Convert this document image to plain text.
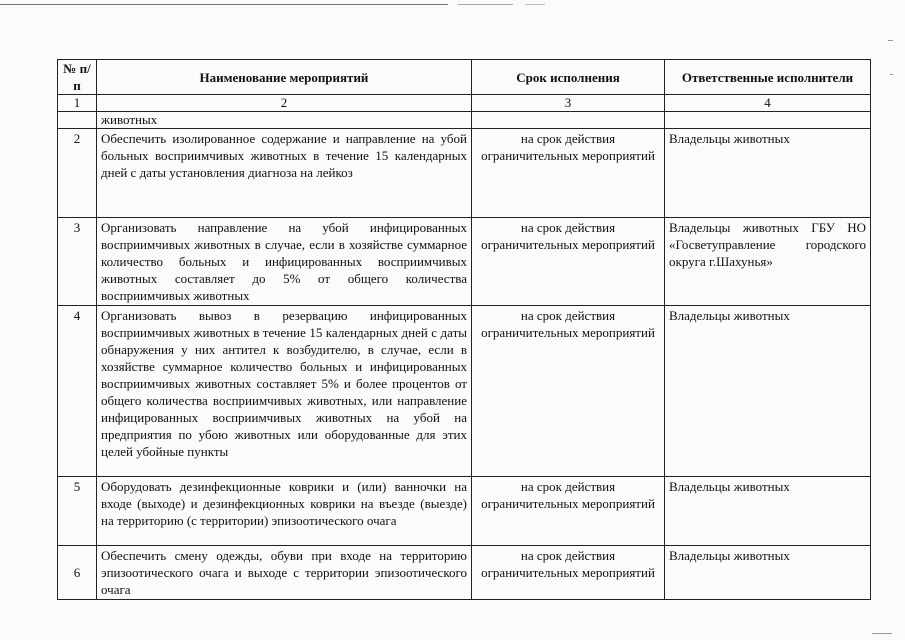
№ п/п	Наименование мероприятий	Срок исполнения	Ответственные исполнители
1	2	3	4
	животных		
2	Обеспечить изолированное содержание и направление на убой больных восприимчивых животных в течение 15 календарных дней с даты установления диагноза на лейкоз	на срок действия ограничительных мероприятий	Владельцы животных
3	Организовать направление на убой инфицированных восприимчивых животных в случае, если в хозяйстве суммарное количество больных и инфицированных восприимчивых животных составляет до 5% от общего количества восприимчивых животных	на срок действия ограничительных мероприятий	Владельцы животных ГБУ НО «Госветуправление городского округа г.Шахунья»
4	Организовать вывоз в резервацию инфицированных восприимчивых животных в течение 15 календарных дней с даты обнаружения у них антител к возбудителю, в случае, если в хозяйстве суммарное количество больных и инфицированных восприимчивых животных составляет 5% и более процентов от общего количества восприимчивых животных, или направление инфицированных восприимчивых животных на убой на предприятия по убою животных или оборудованные для этих целей убойные пункты	на срок действия ограничительных мероприятий	Владельцы животных
5	Оборудовать дезинфекционные коврики и (или) ванночки на входе (выходе) и дезинфекционных коврики на въезде (выезде) на территорию (с территории) эпизоотического очага	на срок действия ограничительных мероприятий	Владельцы животных
6	Обеспечить смену одежды, обуви при входе на территорию эпизоотического очага и выходе с территории эпизоотического очага	на срок действия ограничительных мероприятий	Владельцы животных
